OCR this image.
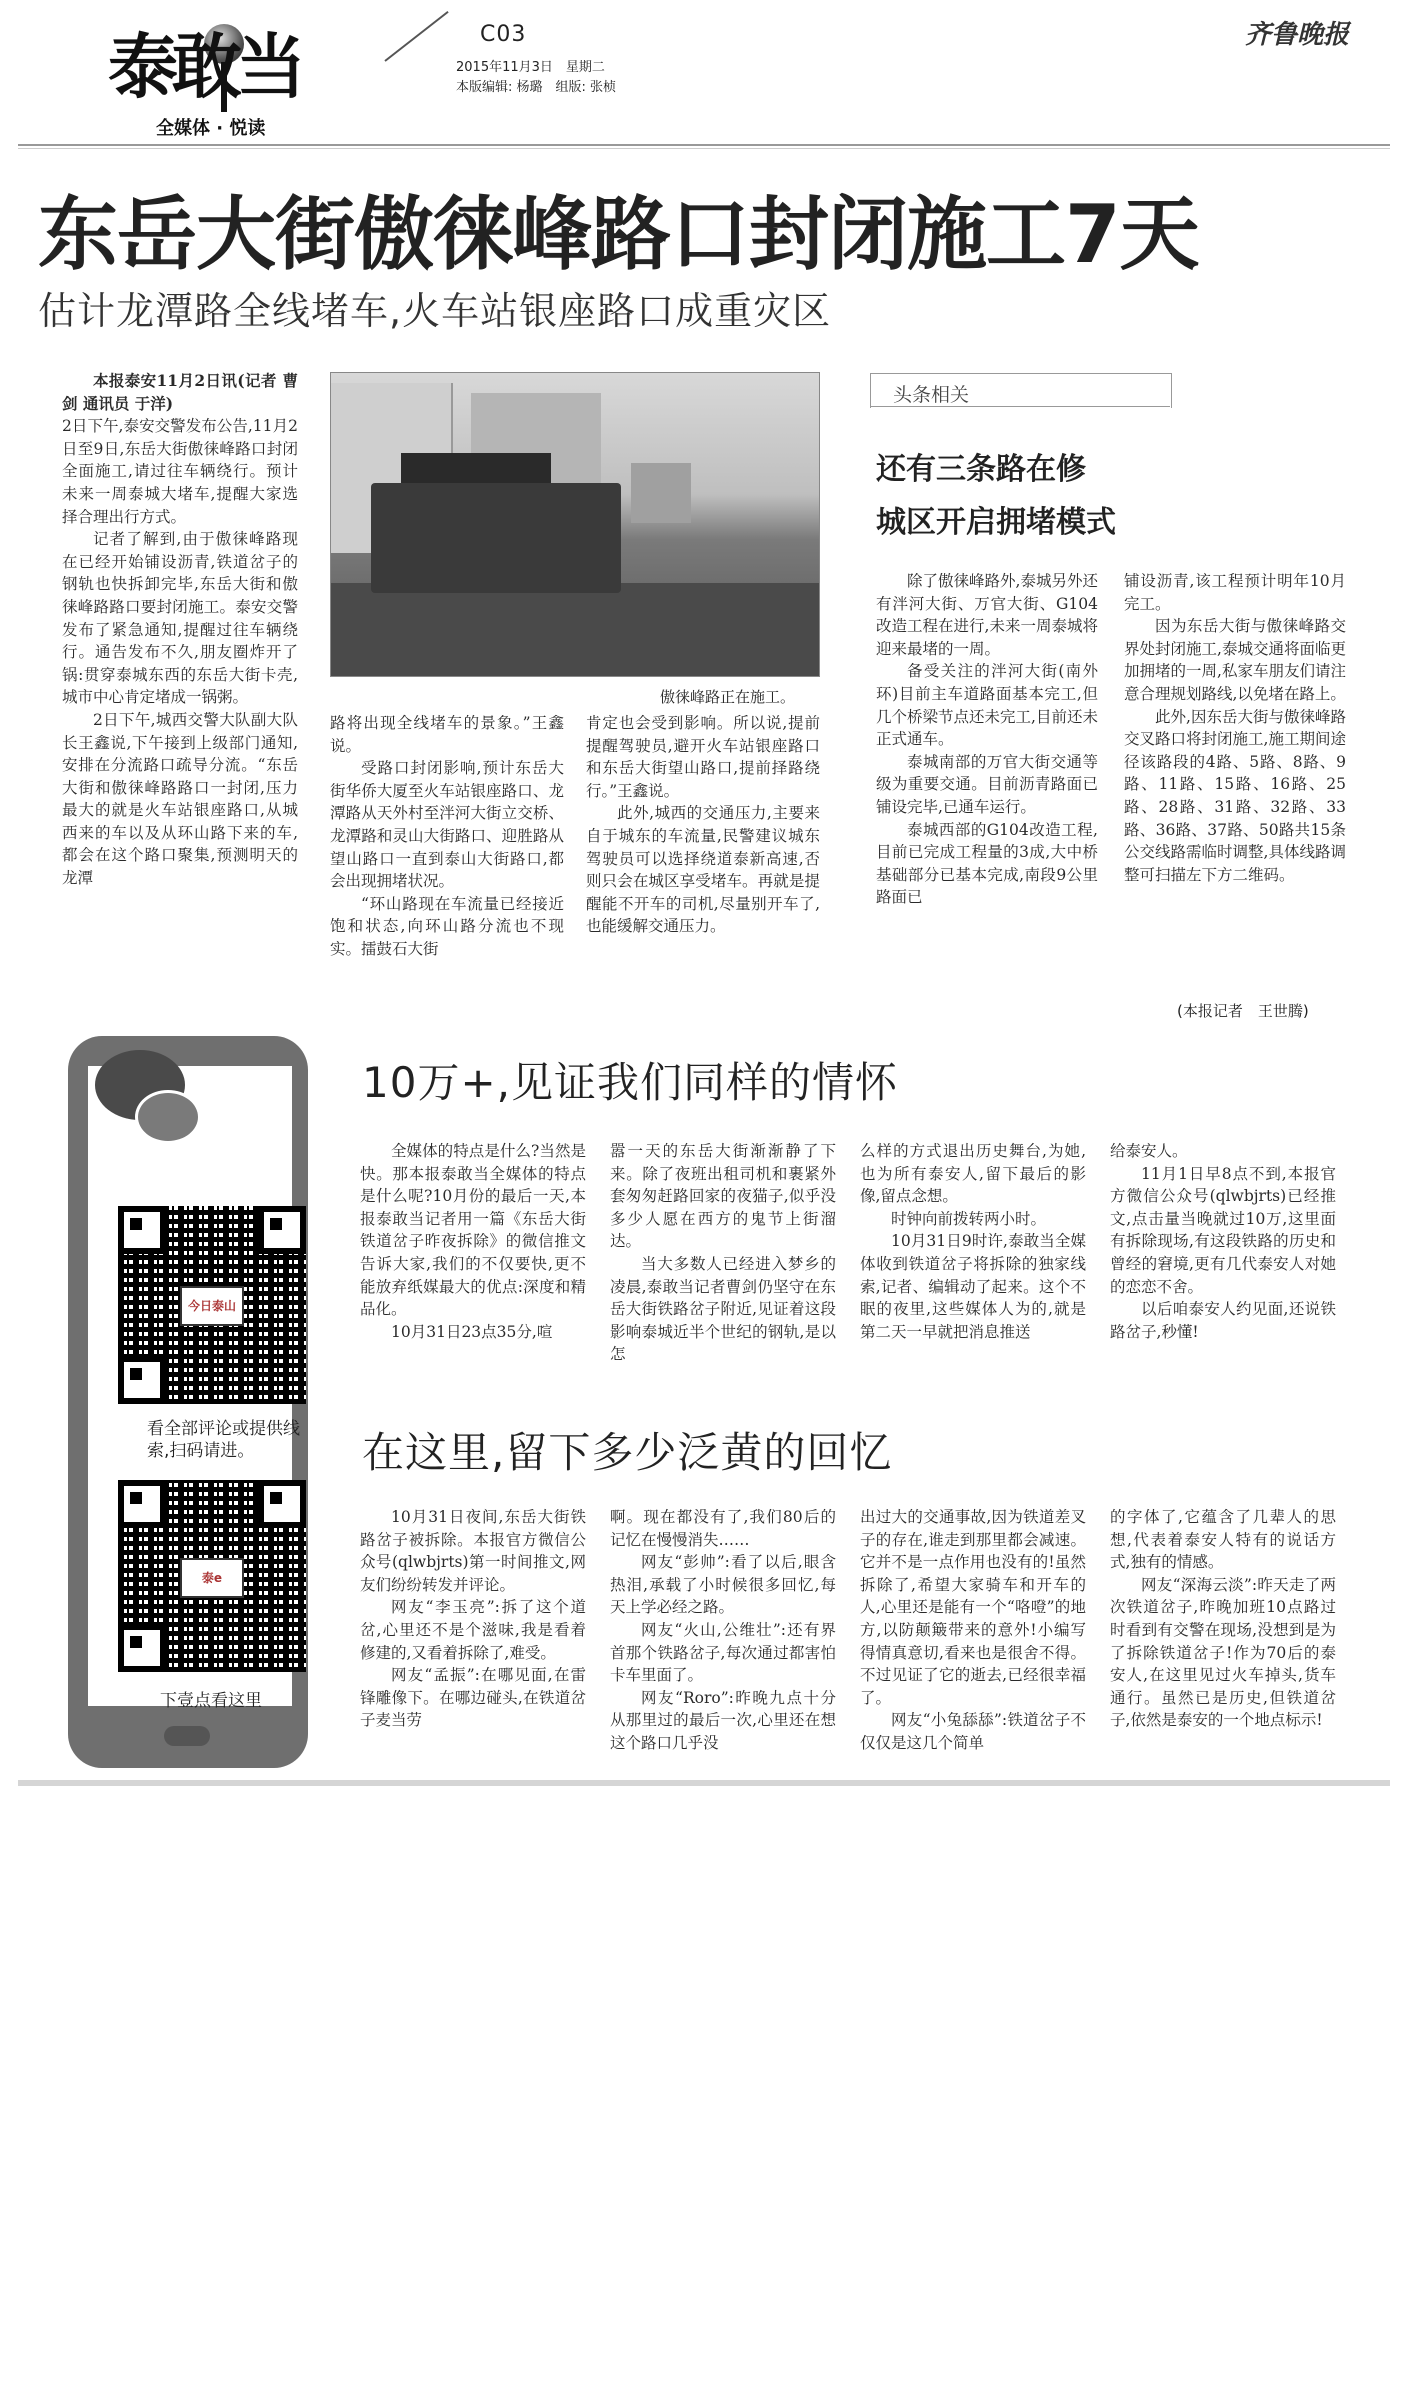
泰敢当
全媒体 · 悦读
C03
2015年11月3日　星期二
本版编辑: 杨璐　组版: 张桢
齐鲁晚报
东岳大街傲徕峰路口封闭施工7天
估计龙潭路全线堵车,火车站银座路口成重灾区

本报泰安11月2日讯(记者 曹剑 通讯员 于洋)

2日下午,泰安交警发布公告,11月2日至9日,东岳大街傲徕峰路口封闭全面施工,请过往车辆绕行。预计未来一周泰城大堵车,提醒大家选择合理出行方式。

记者了解到,由于傲徕峰路现在已经开始铺设沥青,铁道岔子的钢轨也快拆卸完毕,东岳大街和傲徕峰路路口要封闭施工。泰安交警发布了紧急通知,提醒过往车辆绕行。通告发布不久,朋友圈炸开了锅:贯穿泰城东西的东岳大街卡壳,城市中心肯定堵成一锅粥。

2日下午,城西交警大队副大队长王鑫说,下午接到上级部门通知,安排在分流路口疏导分流。“东岳大街和傲徕峰路路口一封闭,压力最大的就是火车站银座路口,从城西来的车以及从环山路下来的车,都会在这个路口聚集,预测明天的龙潭

傲徕峰路正在施工。

路将出现全线堵车的景象。”王鑫说。

受路口封闭影响,预计东岳大街华侨大厦至火车站银座路口、龙潭路从天外村至泮河大街立交桥、龙潭路和灵山大街路口、迎胜路从望山路口一直到泰山大街路口,都会出现拥堵状况。

“环山路现在车流量已经接近饱和状态,向环山路分流也不现实。擂鼓石大街

肯定也会受到影响。所以说,提前提醒驾驶员,避开火车站银座路口和东岳大街望山路口,提前择路绕行。”王鑫说。

此外,城西的交通压力,主要来自于城东的车流量,民警建议城东驾驶员可以选择绕道泰新高速,否则只会在城区享受堵车。再就是提醒能不开车的司机,尽量别开车了,也能缓解交通压力。

头条相关
还有三条路在修
城区开启拥堵模式

除了傲徕峰路外,泰城另外还有泮河大街、万官大街、G104改造工程在进行,未来一周泰城将迎来最堵的一周。

备受关注的泮河大街(南外环)目前主车道路面基本完工,但几个桥梁节点还未完工,目前还未正式通车。

泰城南部的万官大街交通等级为重要交通。目前沥青路面已铺设完毕,已通车运行。

泰城西部的G104改造工程,目前已完成工程量的3成,大中桥基础部分已基本完成,南段9公里路面已

铺设沥青,该工程预计明年10月完工。

因为东岳大街与傲徕峰路交界处封闭施工,泰城交通将面临更加拥堵的一周,私家车朋友们请注意合理规划路线,以免堵在路上。

此外,因东岳大街与傲徕峰路交叉路口将封闭施工,施工期间途径该路段的4路、5路、8路、9路、11路、15路、16路、25路、28路、31路、32路、33路、36路、37路、50路共15条公交线路需临时调整,具体线路调整可扫描左下方二维码。

(本报记者　王世腾)
今日泰山
看全部评论或提供线索,扫码请进。
泰e
下壹点看这里
10万+,见证我们同样的情怀

全媒体的特点是什么?当然是快。那本报泰敢当全媒体的特点是什么呢?10月份的最后一天,本报泰敢当记者用一篇《东岳大街铁道岔子昨夜拆除》的微信推文告诉大家,我们的不仅要快,更不能放弃纸媒最大的优点:深度和精品化。

10月31日23点35分,喧

嚣一天的东岳大街渐渐静了下来。除了夜班出租司机和裹紧外套匆匆赶路回家的夜猫子,似乎没多少人愿在西方的鬼节上街溜达。

当大多数人已经进入梦乡的凌晨,泰敢当记者曹剑仍坚守在东岳大街铁路岔子附近,见证着这段影响泰城近半个世纪的钢轨,是以怎

么样的方式退出历史舞台,为她,也为所有泰安人,留下最后的影像,留点念想。

时钟向前拨转两小时。

10月31日9时许,泰敢当全媒体收到铁道岔子将拆除的独家线索,记者、编辑动了起来。这个不眠的夜里,这些媒体人为的,就是第二天一早就把消息推送

给泰安人。

11月1日早8点不到,本报官方微信公众号(qlwbjrts)已经推文,点击量当晚就过10万,这里面有拆除现场,有这段铁路的历史和曾经的窘境,更有几代泰安人对她的恋恋不舍。

以后咱泰安人约见面,还说铁路岔子,秒懂!

在这里,留下多少泛黄的回忆

10月31日夜间,东岳大街铁路岔子被拆除。本报官方微信公众号(qlwbjrts)第一时间推文,网友们纷纷转发并评论。

网友“李玉亮”:拆了这个道岔,心里还不是个滋味,我是看着修建的,又看着拆除了,难受。

网友“孟振”:在哪见面,在雷锋雕像下。在哪边碰头,在铁道岔子麦当劳

啊。现在都没有了,我们80后的记忆在慢慢消失……

网友“彭帅”:看了以后,眼含热泪,承载了小时候很多回忆,每天上学必经之路。

网友“火山,公维壮”:还有界首那个铁路岔子,每次通过都害怕卡车里面了。

网友“Roro”:昨晚九点十分从那里过的最后一次,心里还在想这个路口几乎没

出过大的交通事故,因为铁道差叉子的存在,谁走到那里都会减速。它并不是一点作用也没有的!虽然拆除了,希望大家骑车和开车的人,心里还是能有一个“咯噔”的地方,以防颠簸带来的意外!小编写得情真意切,看来也是很舍不得。不过见证了它的逝去,已经很幸福了。

网友“小兔舔舔”:铁道岔子不仅仅是这几个简单

的字体了,它蕴含了几辈人的思想,代表着泰安人特有的说话方式,独有的情感。

网友“深海云淡”:昨天走了两次铁道岔子,昨晚加班10点路过时看到有交警在现场,没想到是为了拆除铁道岔子!作为70后的泰安人,在这里见过火车掉头,货车通行。虽然已是历史,但铁道岔子,依然是泰安的一个地点标示!
